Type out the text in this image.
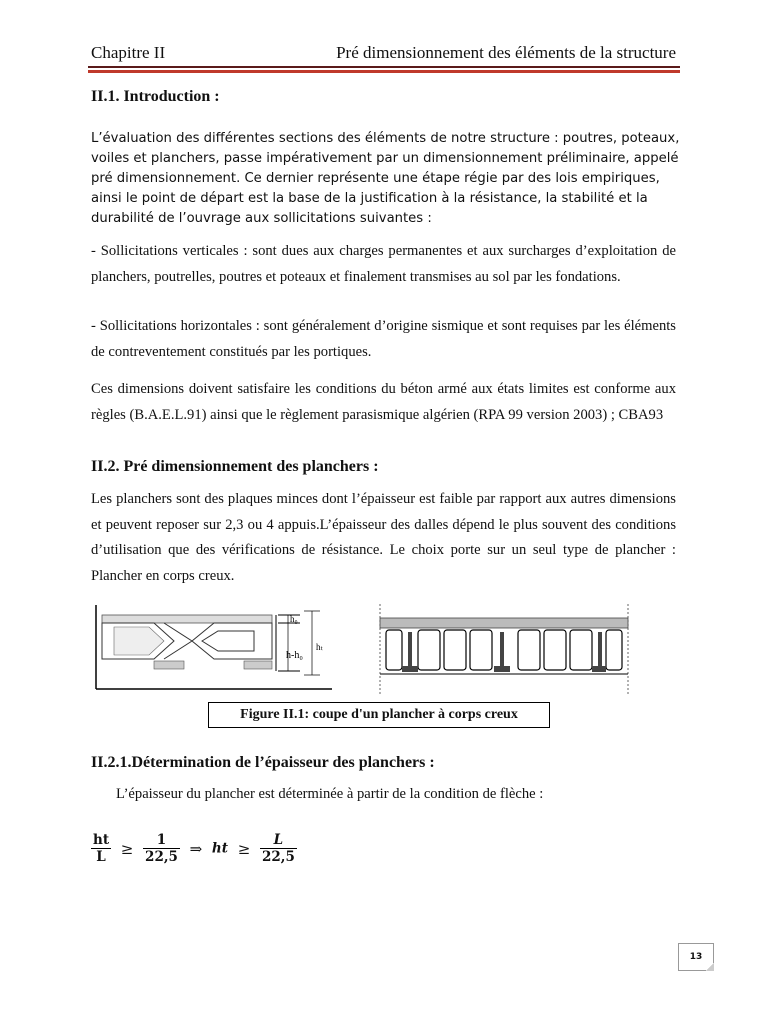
Chapitre II	Pré dimensionnement des éléments de la structure
II.1. Introduction :
L’évaluation des différentes sections des éléments de notre structure : poutres, poteaux,
voiles et planchers, passe impérativement par un dimensionnement préliminaire, appelé
pré dimensionnement. Ce dernier représente une étape régie par des lois empiriques,
ainsi le point de départ est la base de la justification à la résistance, la stabilité et la
durabilité de l’ouvrage aux sollicitations suivantes :
- Sollicitations verticales : sont dues aux charges permanentes et aux surcharges d’exploitation de planchers, poutrelles, poutres et poteaux et finalement transmises au sol par les fondations.
- Sollicitations horizontales : sont généralement d’origine sismique et sont requises par les éléments de contreventement constitués par les portiques.
Ces dimensions doivent satisfaire les conditions du béton armé aux états limites est conforme aux règles (B.A.E.L.91) ainsi que le règlement parasismique algérien (RPA 99 version 2003) ; CBA93
II.2. Pré dimensionnement des planchers :
Les planchers sont des plaques minces dont l’épaisseur est faible par rapport aux autres dimensions et peuvent reposer sur 2,3 ou 4 appuis.L’épaisseur des dalles dépend le plus souvent des conditions d’utilisation que des vérifications de résistance. Le choix porte sur un seul type de plancher : Plancher en corps creux.
h₀
h-h₀
hₜ
Figure II.1: coupe d'un plancher à corps creux
II.2.1.Détermination de l’épaisseur des planchers :
L’épaisseur du plancher est déterminée à partir de la condition de flèche :
$\frac{ht}{L} \ge \frac{1}{22,5}$ ⇒ ht ≥ $\frac{L}{22,5}$
13
